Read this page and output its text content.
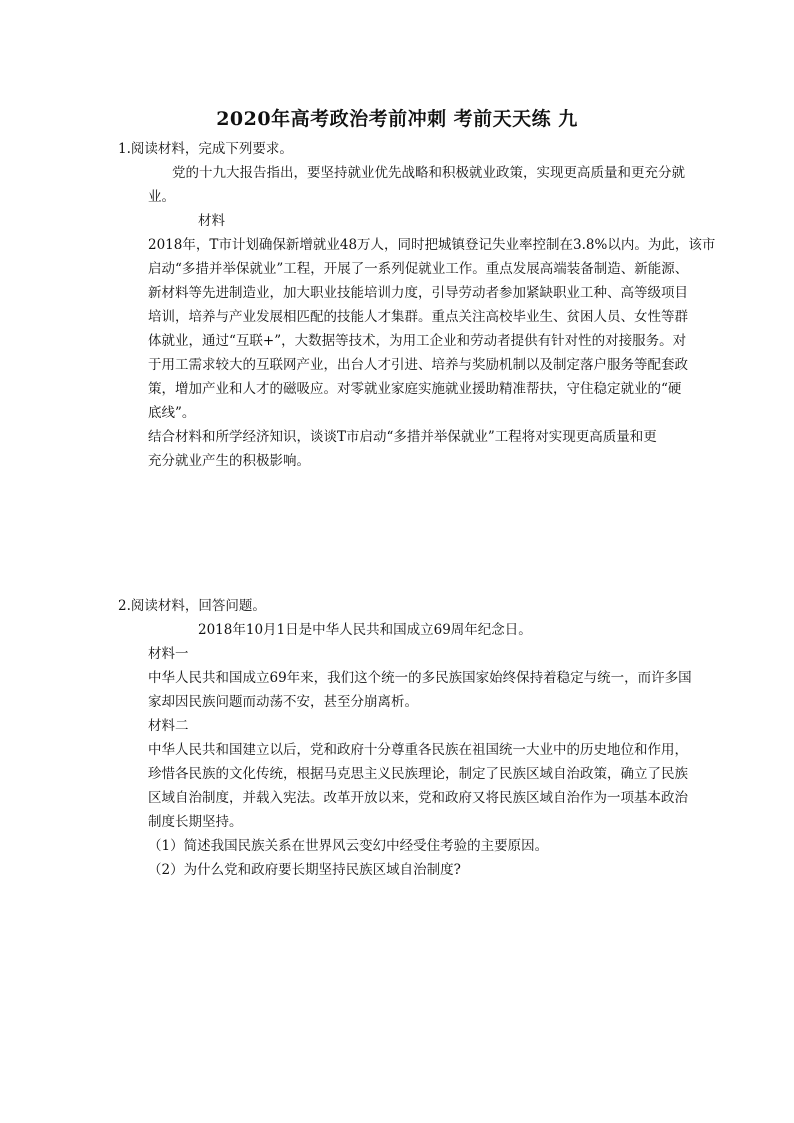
2020年高考政治考前冲刺 考前天天练 九
1.阅读材料，完成下列要求。
党的十九大报告指出，要坚持就业优先战略和积极就业政策，实现更高质量和更充分就
业。
材料
2018年，T市计划确保新增就业48万人，同时把城镇登记失业率控制在3.8%以内。为此，该市
启动“多措并举保就业”工程，开展了一系列促就业工作。重点发展高端装备制造、新能源、
新材料等先进制造业，加大职业技能培训力度，引导劳动者参加紧缺职业工种、高等级项目
培训，培养与产业发展相匹配的技能人才集群。重点关注高校毕业生、贫困人员、女性等群
体就业，通过“互联+”，大数据等技术，为用工企业和劳动者提供有针对性的对接服务。对
于用工需求较大的互联网产业，出台人才引进、培养与奖励机制以及制定落户服务等配套政
策，增加产业和人才的磁吸应。对零就业家庭实施就业援助精准帮扶，守住稳定就业的“硬
底线”。
结合材料和所学经济知识，谈谈T市启动“多措并举保就业”工程将对实现更高质量和更
充分就业产生的积极影响。
2.阅读材料，回答问题。
2018年10月1日是中华人民共和国成立69周年纪念日。
材料一
中华人民共和国成立69年来，我们这个统一的多民族国家始终保持着稳定与统一，而许多国
家却因民族问题而动荡不安，甚至分崩离析。
材料二
中华人民共和国建立以后，党和政府十分尊重各民族在祖国统一大业中的历史地位和作用，
珍惜各民族的文化传统，根据马克思主义民族理论，制定了民族区域自治政策，确立了民族
区域自治制度，并载入宪法。改革开放以来，党和政府又将民族区域自治作为一项基本政治
制度长期坚持。
（1）简述我国民族关系在世界风云变幻中经受住考验的主要原因。
（2）为什么党和政府要长期坚持民族区域自治制度?
